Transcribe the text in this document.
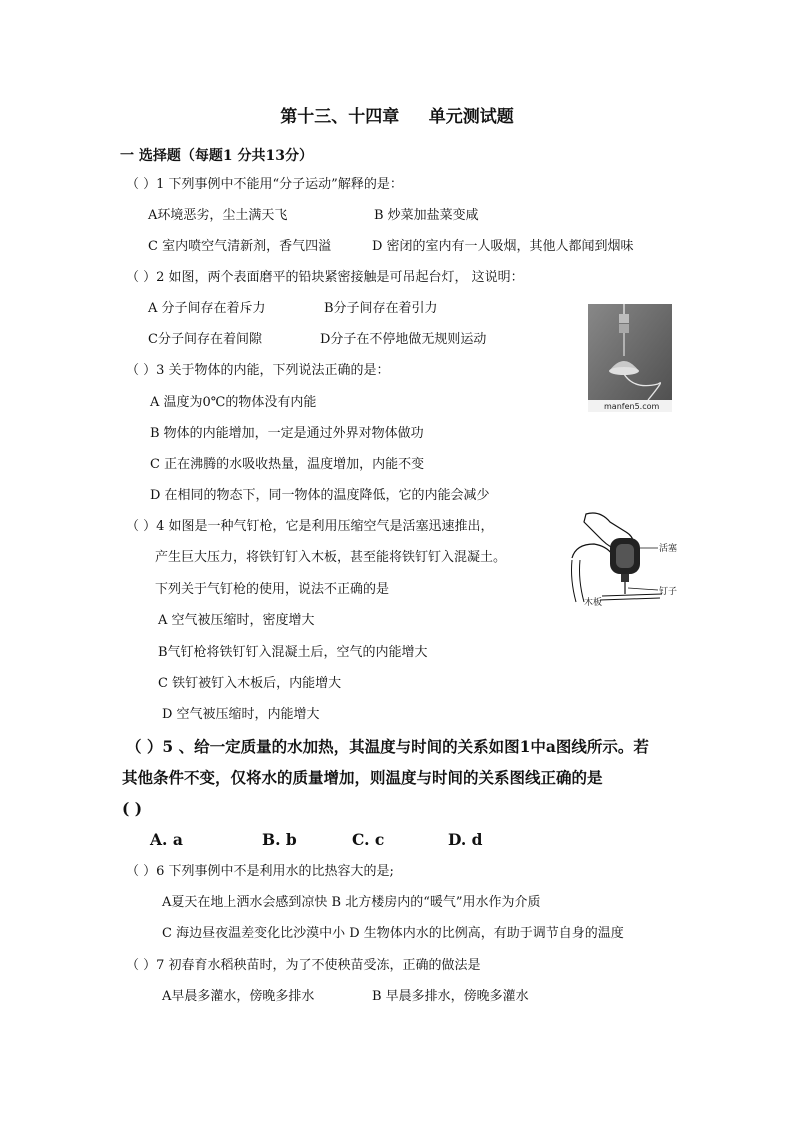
第十三、十四章     单元测试题
一 选择题（每题1 分共13分）
（ ）1 下列事例中不能用“分子运动”解释的是：
A环境恶劣，尘土满天飞	B 炒菜加盐菜变咸
C 室内喷空气清新剂，香气四溢	D 密闭的室内有一人吸烟，其他人都闻到烟味
（ ）2 如图，两个表面磨平的铅块紧密接触是可吊起台灯， 这说明：
A 分子间存在着斥力	B分子间存在着引力
C分子间存在着间隙	D分子在不停地做无规则运动
manfen5.com
（ ）3 关于物体的内能，下列说法正确的是：
A 温度为0℃的物体没有内能
B 物体的内能增加，一定是通过外界对物体做功
C 正在沸腾的水吸收热量，温度增加，内能不变
D 在相同的物态下，同一物体的温度降低，它的内能会减少
（ ）4 如图是一种气钉枪，它是利用压缩空气是活塞迅速推出，
产生巨大压力，将铁钉钉入木板，甚至能将铁钉钉入混凝土。
下列关于气钉枪的使用，说法不正确的是
A 空气被压缩时，密度增大
B气钉枪将铁钉钉入混凝土后，空气的内能增大
C 铁钉被钉入木板后，内能增大
D 空气被压缩时，内能增大
活塞
钉子
木板
（ ）5 、给一定质量的水加热，其温度与时间的关系如图1中a图线所示。若
其他条件不变，仅将水的质量增加，则温度与时间的关系图线正确的是
( )
A. a	B. b	C. c	D. d
（ ）6 下列事例中不是利用水的比热容大的是;
A夏天在地上洒水会感到凉快 B 北方楼房内的“暖气”用水作为介质
C 海边昼夜温差变化比沙漠中小 D 生物体内水的比例高，有助于调节自身的温度
（ ）7 初春育水稻秧苗时，为了不使秧苗受冻，正确的做法是
A早晨多灌水，傍晚多排水	B 早晨多排水，傍晚多灌水
